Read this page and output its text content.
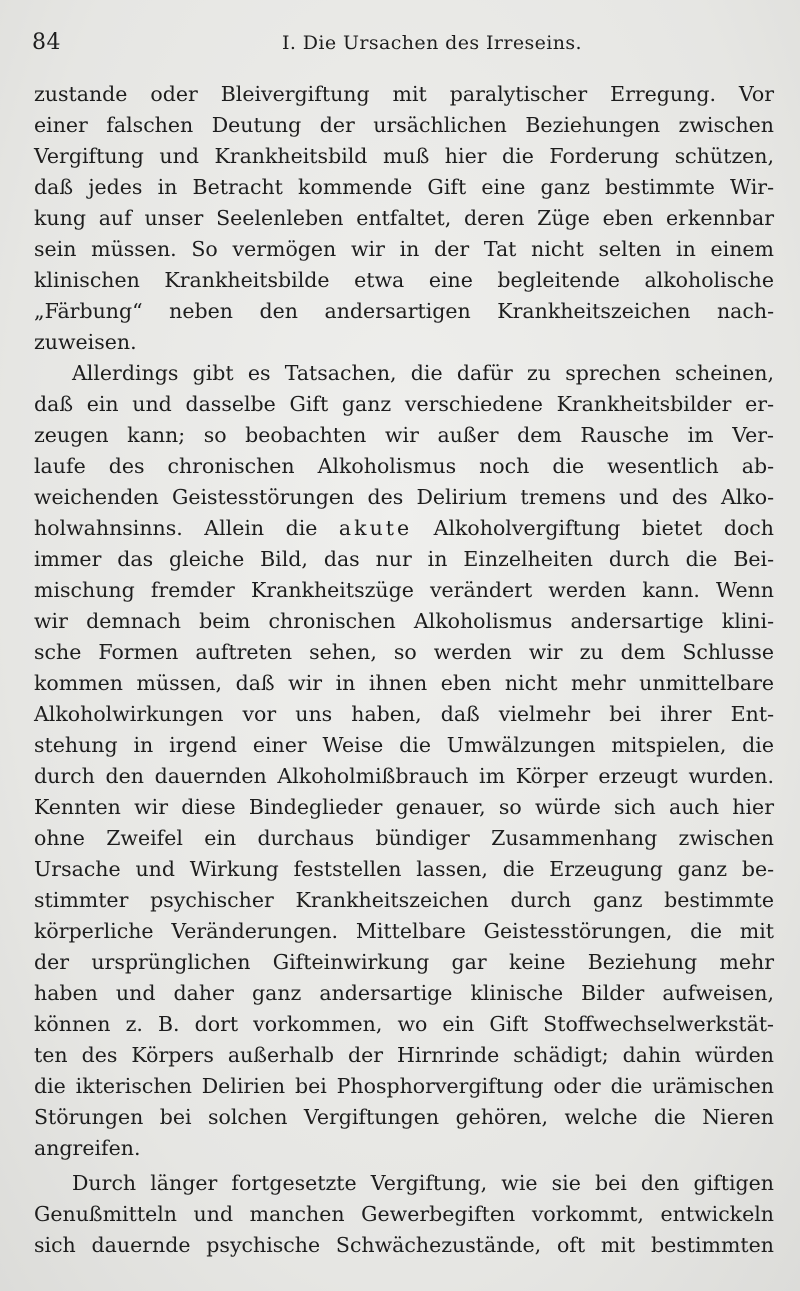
84	I. Die Ursachen des Irreseins.

zustande oder Bleivergiftung mit paralytischer Erregung. Vor
einer falschen Deutung der ursächlichen Beziehungen zwischen
Vergiftung und Krankheitsbild muß hier die Forderung schützen,
daß jedes in Betracht kommende Gift eine ganz bestimmte Wir-
kung auf unser Seelenleben entfaltet, deren Züge eben erkennbar
sein müssen. So vermögen wir in der Tat nicht selten in einem
klinischen Krankheitsbilde etwa eine begleitende alkoholische
„Färbung“ neben den andersartigen Krankheitszeichen nach-
zuweisen.

Allerdings gibt es Tatsachen, die dafür zu sprechen scheinen,
daß ein und dasselbe Gift ganz verschiedene Krankheitsbilder er-
zeugen kann; so beobachten wir außer dem Rausche im Ver-
laufe des chronischen Alkoholismus noch die wesentlich ab-
weichenden Geistesstörungen des Delirium tremens und des Alko-
holwahnsinns. Allein die akute Alkoholvergiftung bietet doch
immer das gleiche Bild, das nur in Einzelheiten durch die Bei-
mischung fremder Krankheitszüge verändert werden kann. Wenn
wir demnach beim chronischen Alkoholismus andersartige klini-
sche Formen auftreten sehen, so werden wir zu dem Schlusse
kommen müssen, daß wir in ihnen eben nicht mehr unmittelbare
Alkoholwirkungen vor uns haben, daß vielmehr bei ihrer Ent-
stehung in irgend einer Weise die Umwälzungen mitspielen, die
durch den dauernden Alkoholmißbrauch im Körper erzeugt wurden.
Kennten wir diese Bindeglieder genauer, so würde sich auch hier
ohne Zweifel ein durchaus bündiger Zusammenhang zwischen
Ursache und Wirkung feststellen lassen, die Erzeugung ganz be-
stimmter psychischer Krankheitszeichen durch ganz bestimmte
körperliche Veränderungen. Mittelbare Geistesstörungen, die mit
der ursprünglichen Gifteinwirkung gar keine Beziehung mehr
haben und daher ganz andersartige klinische Bilder aufweisen,
können z. B. dort vorkommen, wo ein Gift Stoffwechselwerkstät-
ten des Körpers außerhalb der Hirnrinde schädigt; dahin würden
die ikterischen Delirien bei Phosphorvergiftung oder die urämischen
Störungen bei solchen Vergiftungen gehören, welche die Nieren
angreifen.

Durch länger fortgesetzte Vergiftung, wie sie bei den giftigen
Genußmitteln und manchen Gewerbegiften vorkommt, entwickeln
sich dauernde psychische Schwächezustände, oft mit bestimmten
